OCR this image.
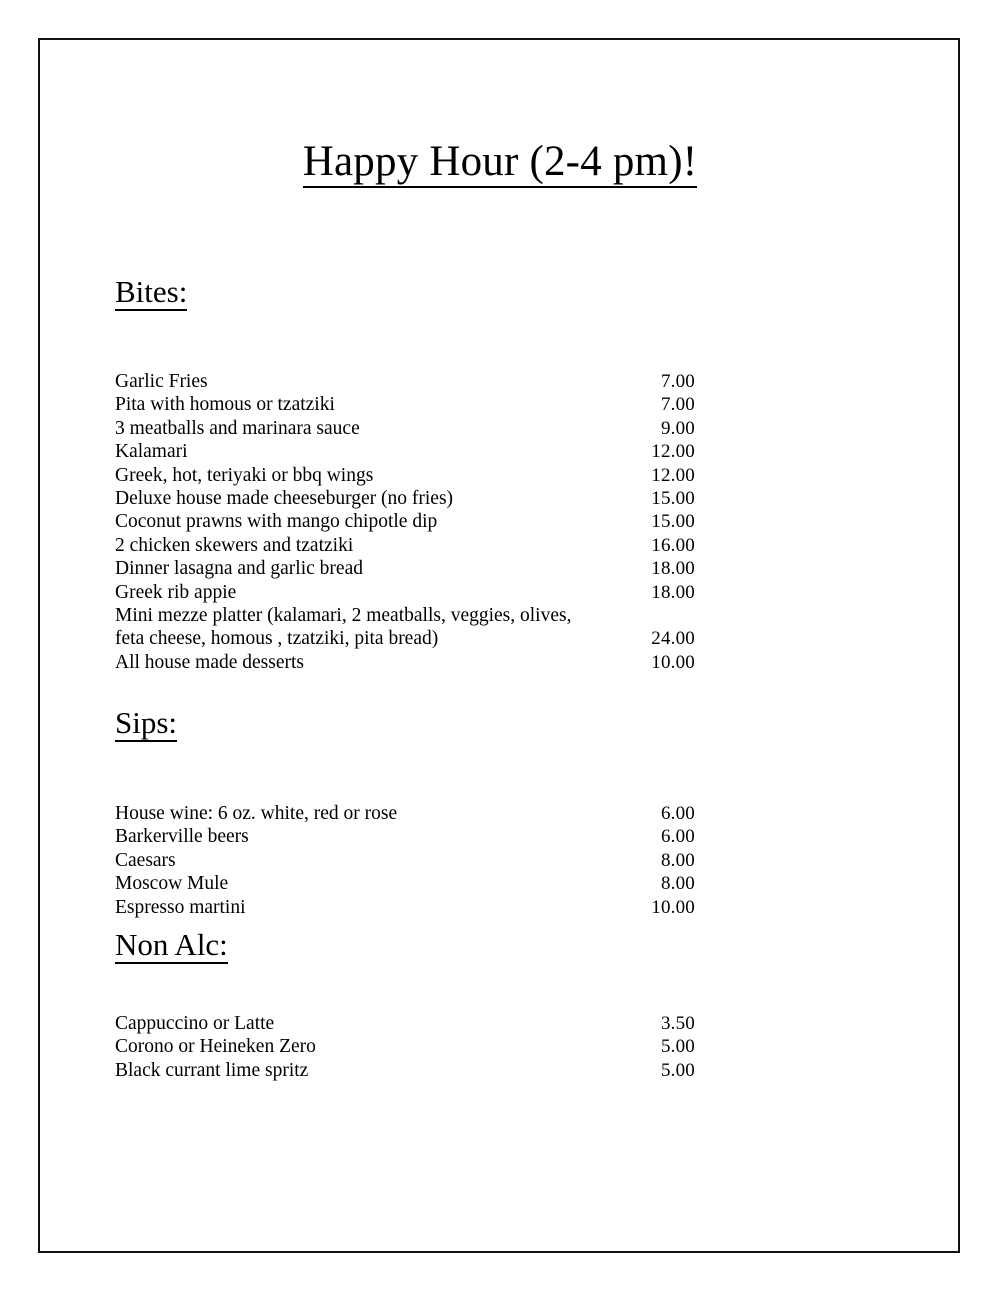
Happy Hour (2-4 pm)!
Bites:
Garlic Fries	7.00
Pita with homous or tzatziki	7.00
3 meatballs and marinara sauce	9.00
Kalamari	12.00
Greek, hot, teriyaki or bbq wings	12.00
Deluxe house made cheeseburger (no fries)	15.00
Coconut prawns with mango chipotle dip	15.00
2 chicken skewers and tzatziki	16.00
Dinner lasagna and garlic bread	18.00
Greek rib appie	18.00
Mini mezze platter (kalamari, 2 meatballs, veggies, olives,
feta cheese, homous , tzatziki, pita bread)	24.00
All house made desserts	10.00
Sips:
House wine: 6 oz. white, red or rose	6.00
Barkerville beers	6.00
Caesars	8.00
Moscow Mule	8.00
Espresso martini	10.00
Non Alc:
Cappuccino or Latte	3.50
Corono or Heineken Zero	5.00
Black currant lime spritz	5.00
